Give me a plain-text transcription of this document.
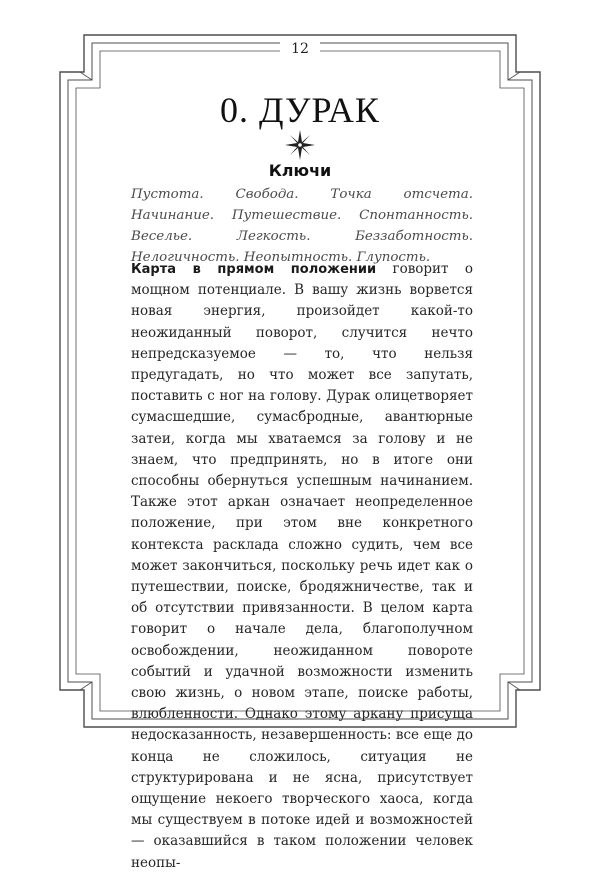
12
0. ДУРАК
Ключи
Пустота. Свобода. Точка отсчета. Начинание. Путешествие. Спонтанность. Веселье. Легкость. Беззаботность. Нелогичность. Неопытность. Глупость.
Карта в прямом положении говорит о мощном потенциале. В вашу жизнь ворвется новая энергия, произойдет какой-то неожиданный поворот, случится нечто непредсказуемое — то, что нельзя предугадать, но что может все запутать, поставить с ног на голову. Дурак олицетворяет сумасшедшие, сумасбродные, авантюрные затеи, когда мы хватаемся за голову и не знаем, что предпринять, но в итоге они способны обернуться успешным начинанием. Также этот аркан означает неопределенное положение, при этом вне конкретного контекста расклада сложно судить, чем все может закончиться, поскольку речь идет как о путешествии, поиске, бродяжничестве, так и об отсутствии привязанности. В целом карта говорит о начале дела, благополучном освобождении, неожиданном повороте событий и удачной возможности изменить свою жизнь, о новом этапе, поиске работы, влюбленности. Однако этому аркану присуща недосказанность, незавершенность: все еще до конца не сложилось, ситуация не структурирована и не ясна, присутствует ощущение некоего творческого хаоса, когда мы существуем в потоке идей и возможностей — оказавшийся в таком положении человек неопы-
